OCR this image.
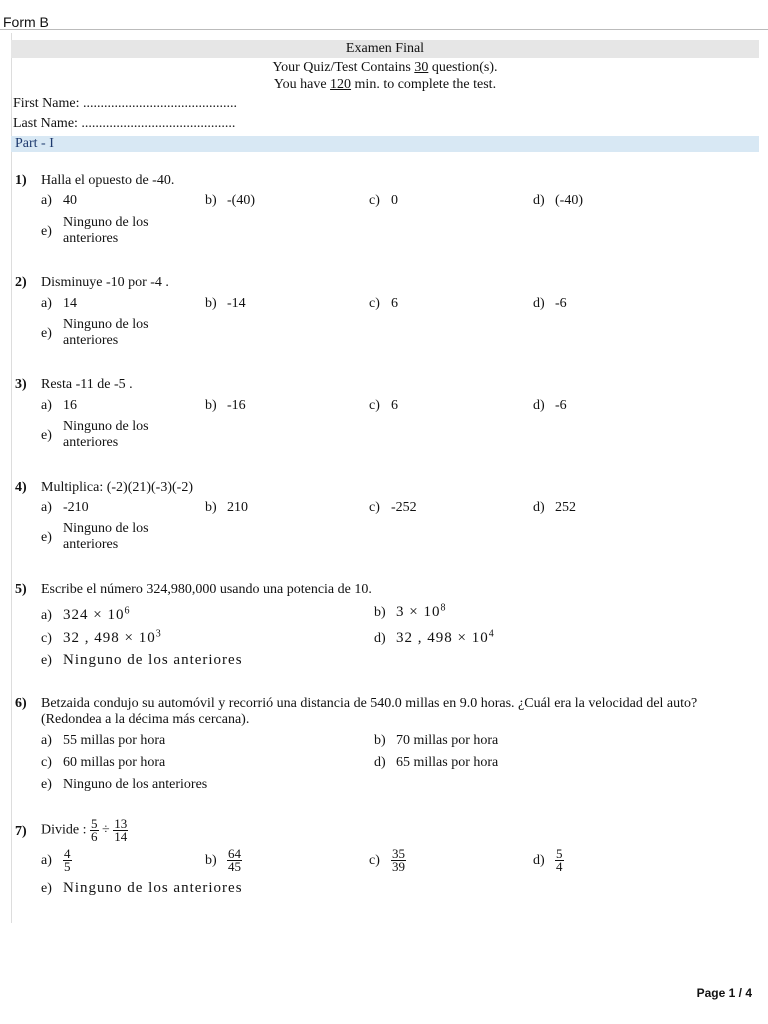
Form B
Examen Final
Your Quiz/Test Contains 30 question(s).
You have 120 min. to complete the test.
First Name: ............................................
Last Name: ............................................
Part - I
1) Halla el opuesto de -40.
a) 40	b) -(40)	c) 0	d) (-40)
e)
Ninguno de los
anteriores
2) Disminuye -10 por -4 .
a) 14	b) -14	c) 6	d) -6
e)
Ninguno de los
anteriores
3) Resta -11 de -5 .
a) 16	b) -16	c) 6	d) -6
e)
Ninguno de los
anteriores
4) Multiplica: (-2)(21)(-3)(-2)
a) -210	b) 210	c) -252	d) 252
e)
Ninguno de los
anteriores
5) Escribe el número 324,980,000 usando una potencia de 10.
a) $324 \times 10^6$	b) $3 \times 10^8$
c) 32 , $498 \times 10^3$	d) 32 , $498 \times 10^4$
e) Ninguno de los anteriores
6) Betzaida condujo su automóvil y recorrió una distancia de 540.0 millas en 9.0 horas. ¿Cuál era la velocidad del auto? (Redondea a la décima más cercana).
a) 55 millas por hora	b) 70 millas por hora
c) 60 millas por hora	d) 65 millas por hora
e) Ninguno de los anteriores
7) Divide : $\frac{5}{6} \div \frac{13}{14}$
$a) \frac{4}{5}$	$b) \frac{64}{45}$	$c) \frac{35}{39}$	$d) \frac{5}{4}$
e) Ninguno de los anteriores
Page 1 / 4
